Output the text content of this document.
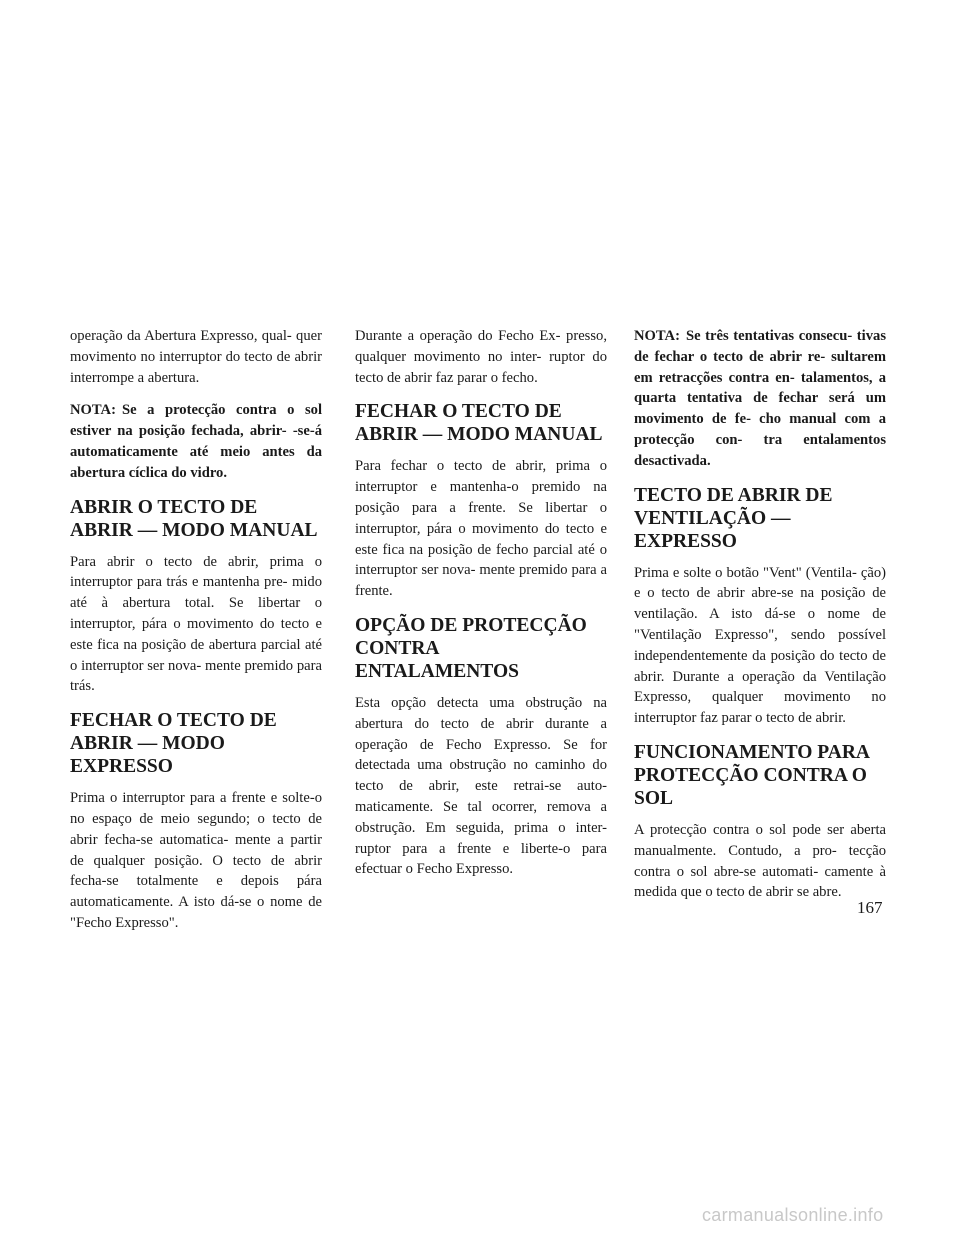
operação da Abertura Expresso, qual- quer movimento no interruptor do tecto de abrir interrompe a abertura.

NOTA: Se a protecção contra o sol estiver na posição fechada, abrir- -se-á automaticamente até meio antes da abertura cíclica do vidro.

ABRIR O TECTO DE ABRIR — MODO MANUAL

Para abrir o tecto de abrir, prima o interruptor para trás e mantenha pre- mido até à abertura total. Se libertar o interruptor, pára o movimento do tecto e este fica na posição de abertura parcial até o interruptor ser nova- mente premido para trás.

FECHAR O TECTO DE ABRIR — MODO EXPRESSO

Prima o interruptor para a frente e solte-o no espaço de meio segundo; o tecto de abrir fecha-se automatica- mente a partir de qualquer posição. O tecto de abrir fecha-se totalmente e depois pára automaticamente. A isto dá-se o nome de "Fecho Expresso".

Durante a operação do Fecho Ex- presso, qualquer movimento no inter- ruptor do tecto de abrir faz parar o fecho.

FECHAR O TECTO DE ABRIR — MODO MANUAL

Para fechar o tecto de abrir, prima o interruptor e mantenha-o premido na posição para a frente. Se libertar o interruptor, pára o movimento do tecto e este fica na posição de fecho parcial até o interruptor ser nova- mente premido para a frente.

OPÇÃO DE PROTECÇÃO CONTRA ENTALAMENTOS

Esta opção detecta uma obstrução na abertura do tecto de abrir durante a operação de Fecho Expresso. Se for detectada uma obstrução no caminho do tecto de abrir, este retrai-se auto- maticamente. Se tal ocorrer, remova a obstrução. Em seguida, prima o inter- ruptor para a frente e liberte-o para efectuar o Fecho Expresso.

NOTA: Se três tentativas consecu- tivas de fechar o tecto de abrir re- sultarem em retracções contra en- talamentos, a quarta tentativa de fechar será um movimento de fe- cho manual com a protecção con- tra entalamentos desactivada.

TECTO DE ABRIR DE VENTILAÇÃO — EXPRESSO

Prima e solte o botão "Vent" (Ventila- ção) e o tecto de abrir abre-se na posição de ventilação. A isto dá-se o nome de "Ventilação Expresso", sendo possível independentemente da posição do tecto de abrir. Durante a operação da Ventilação Expresso, qualquer movimento no interruptor faz parar o tecto de abrir.

FUNCIONAMENTO PARA PROTECÇÃO CONTRA O SOL

A protecção contra o sol pode ser aberta manualmente. Contudo, a pro- tecção contra o sol abre-se automati- camente à medida que o tecto de abrir se abre.

167
carmanualsonline.info
